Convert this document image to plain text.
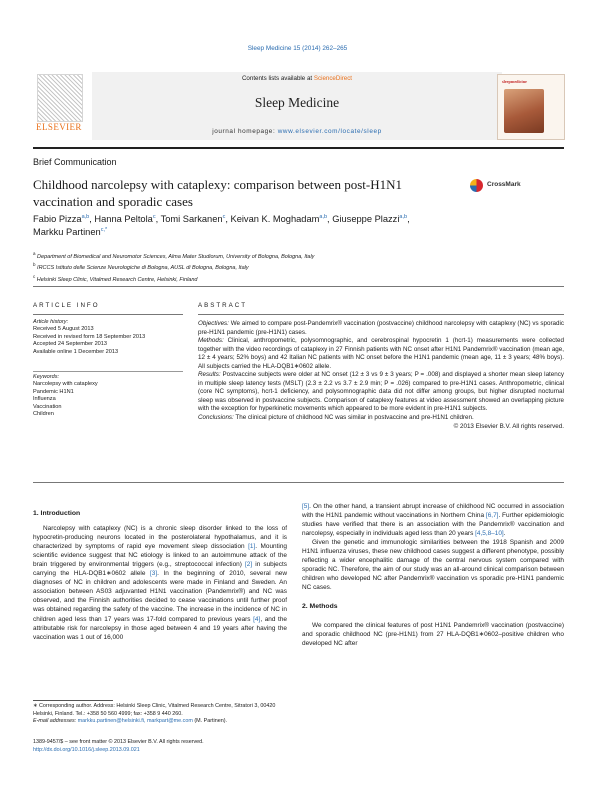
Sleep Medicine 15 (2014) 262–265
ELSEVIER
Contents lists available at ScienceDirect
Sleep Medicine
journal homepage: www.elsevier.com/locate/sleep
sleepmedicine
Brief Communication
Childhood narcolepsy with cataplexy: comparison between post-H1N1 vaccination and sporadic cases
CrossMark
Fabio Pizza$^{a,b}$, Hanna Peltola$^c$, Tomi Sarkanen$^c$, Keivan K. Moghadam$^{a,b}$, Giuseppe Plazzi$^{a,b}$,
Markku Partinen$^{c,*}$
$^a$ Department of Biomedical and Neuromotor Sciences, Alma Mater Studiorum, University of Bologna, Bologna, Italy
$^b$ IRCCS Istituto delle Scienze Neurologiche di Bologna, AUSL di Bologna, Bologna, Italy
$^c$ Helsinki Sleep Clinic, Vitalmed Research Centre, Helsinki, Finland
ARTICLE INFO	ABSTRACT
Article history:
Received 5 August 2013
Received in revised form 18 September 2013
Accepted 24 September 2013
Available online 1 December 2013
Keywords:
Narcolepsy with cataplexy
Pandemic H1N1
Influenza
Vaccination
Children

Objectives: We aimed to compare post-Pandemrix® vaccination (postvaccine) childhood narcolepsy with cataplexy (NC) vs sporadic pre-H1N1 pandemic (pre-H1N1) cases.

Methods: Clinical, anthropometric, polysomnographic, and cerebrospinal hypocretin 1 (hcrt-1) measurements were collected together with the video recordings of cataplexy in 27 Finnish patients with NC onset after H1N1 Pandemrix® vaccination (mean age, 12 ± 4 years; 52% boys) and 42 Italian NC patients with NC onset before the H1N1 pandemic (mean age, 11 ± 3 years; 48% boys). All subjects carried the HLA-DQB1∗0602 allele.

Results: Postvaccine subjects were older at NC onset (12 ± 3 vs 9 ± 3 years; P = .008) and displayed a shorter mean sleep latency in multiple sleep latency tests (MSLT) (2.3 ± 2.2 vs 3.7 ± 2.9 min; P = .026) compared to pre-H1N1 cases. Anthropometric, clinical (core NC symptoms), hcrt-1 deficiency, and polysomnographic data did not differ among groups, but higher disrupted nocturnal sleep was observed in postvaccine subjects. Comparison of cataplexy features at video assessment showed an overlapping picture with the exception for hyperkinetic movements which appeared to be more evident in pre-H1N1 subjects.

Conclusions: The clinical picture of childhood NC was similar in postvaccine and pre-H1N1 children.

© 2013 Elsevier B.V. All rights reserved.

1. Introduction

Narcolepsy with cataplexy (NC) is a chronic sleep disorder linked to the loss of hypocretin-producing neurons located in the posterolateral hypothalamus, and it is characterized by symptoms of rapid eye movement sleep dissociation [1]. Mounting scientific evidence suggest that NC etiology is linked to an autoimmune attack of the brain triggered by environmental triggers (e.g., streptococcal infection) [2] in subjects carrying the HLA-DQB1∗0602 allele [3]. In the beginning of 2010, several new diagnoses of NC in children and adolescents were made in Finland and Sweden. An association between AS03 adjuvanted H1N1 vaccination (Pandemrix®) and NC was observed, and the Finnish authorities decided to cease vaccinations until further proof was obtained regarding the safety of the vaccine. The increase in the incidence of NC in children aged less than 17 years was 17-fold compared to previous years [4], and the attributable risk for narcolepsy in those aged between 4 and 19 years after having the vaccination was 1 out of 16,000

[5]. On the other hand, a transient abrupt increase of childhood NC occurred in association with the H1N1 pandemic without vaccinations in Northern China [6,7]. Further epidemiologic studies have verified that there is an association with the Pandemrix® vaccination and narcolepsy, especially in individuals aged less than 20 years [4,5,8–10].

Given the genetic and immunologic similarities between the 1918 Spanish and 2009 H1N1 influenza viruses, these new childhood cases suggest a different phenotype, possibly reflecting a wider encephalitic damage of the central nervous system compared with sporadic NC. Therefore, the aim of our study was an all-around clinical comparison between children who developed NC after Pandemrix® vaccination vs sporadic pre-H1N1 pandemic NC cases.

2. Methods

We compared the clinical features of post H1N1 Pandemrix® vaccination (postvaccine) and sporadic childhood NC (pre-H1N1) from 27 HLA-DQB1∗0602–positive children who developed NC after

∗ Corresponding author. Address: Helsinki Sleep Clinic, Vitalmed Research Centre, Sitratori 3, 00420 Helsinki, Finland. Tel.: +358 50 560 4999; fax: +358 9 440 260.
E-mail addresses: markku.partinen@helsinki.fi, markpart@me.com (M. Partinen).
1389-9457/$ – see front matter © 2013 Elsevier B.V. All rights reserved.
http://dx.doi.org/10.1016/j.sleep.2013.09.021
